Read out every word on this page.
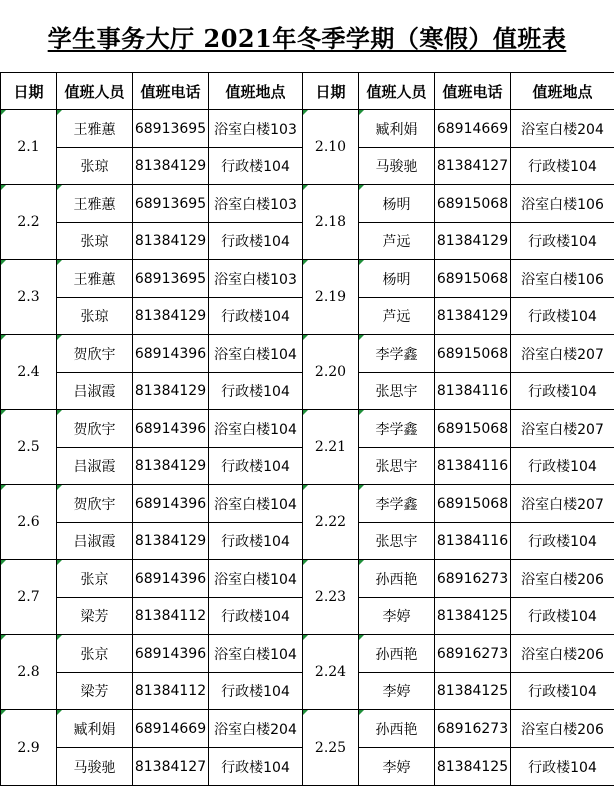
学生事务大厅 2021年冬季学期（寒假）值班表
日期	值班人员	值班电话	值班地点	日期	值班人员	值班电话	值班地点
2.1	王雅蕙	68913695	浴室白楼103	2.10	臧利娟	68914669	浴室白楼204
	张琼	81384129	行政楼104		马骏驰	81384127	行政楼104
2.2	王雅蕙	68913695	浴室白楼103	2.18	杨明	68915068	浴室白楼106
	张琼	81384129	行政楼104		芦远	81384129	行政楼104
2.3	王雅蕙	68913695	浴室白楼103	2.19	杨明	68915068	浴室白楼106
	张琼	81384129	行政楼104		芦远	81384129	行政楼104
2.4	贺欣宇	68914396	浴室白楼104	2.20	李学鑫	68915068	浴室白楼207
	吕淑霞	81384129	行政楼104		张思宇	81384116	行政楼104
2.5	贺欣宇	68914396	浴室白楼104	2.21	李学鑫	68915068	浴室白楼207
	吕淑霞	81384129	行政楼104		张思宇	81384116	行政楼104
2.6	贺欣宇	68914396	浴室白楼104	2.22	李学鑫	68915068	浴室白楼207
	吕淑霞	81384129	行政楼104		张思宇	81384116	行政楼104
2.7	张京	68914396	浴室白楼104	2.23	孙西艳	68916273	浴室白楼206
	梁芳	81384112	行政楼104		李婷	81384125	行政楼104
2.8	张京	68914396	浴室白楼104	2.24	孙西艳	68916273	浴室白楼206
	梁芳	81384112	行政楼104		李婷	81384125	行政楼104
2.9	臧利娟	68914669	浴室白楼204	2.25	孙西艳	68916273	浴室白楼206
	马骏驰	81384127	行政楼104		李婷	81384125	行政楼104
